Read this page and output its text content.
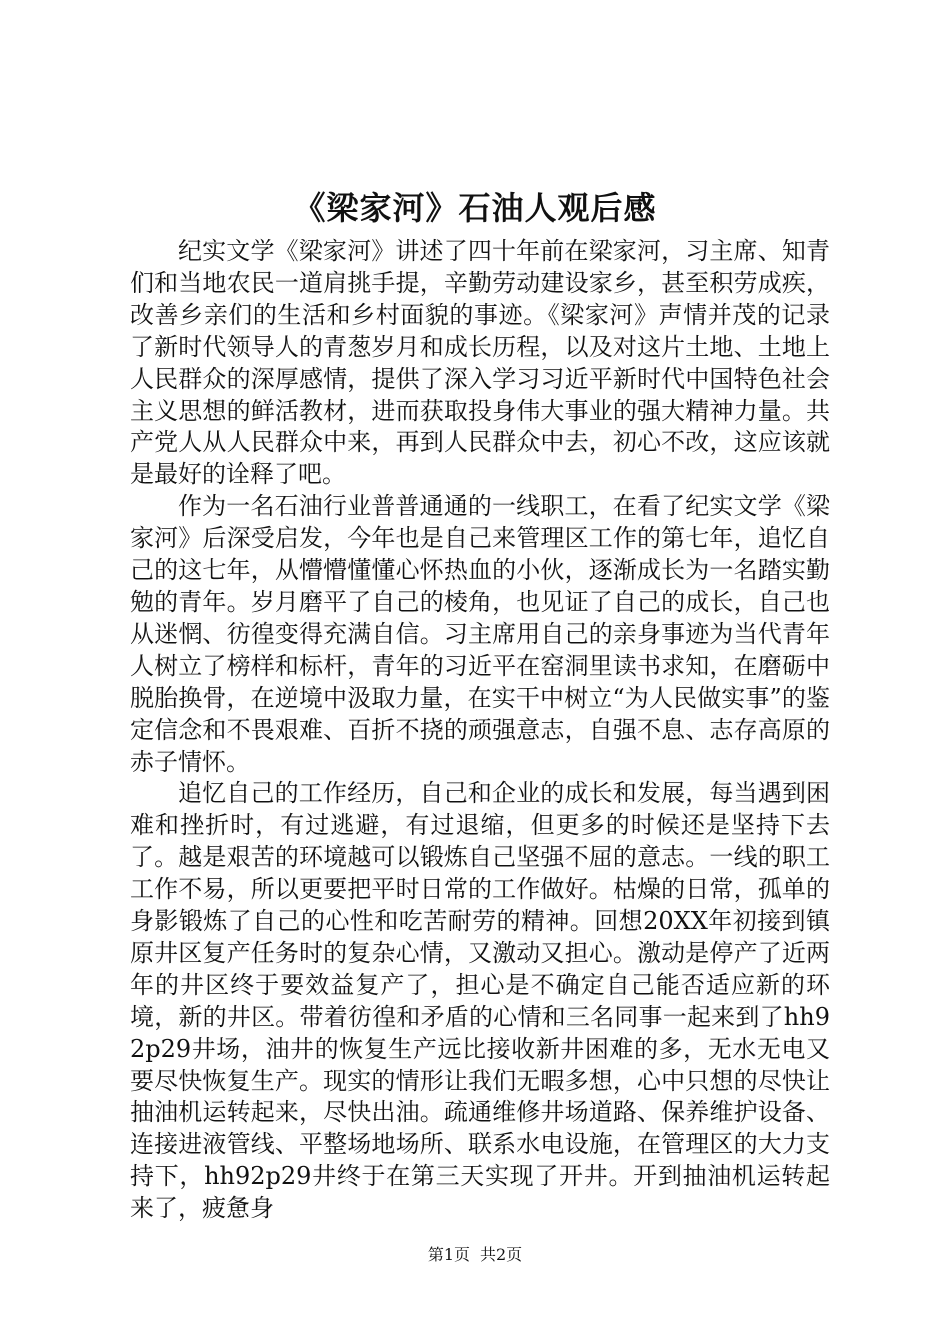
《梁家河》石油人观后感

纪实文学《梁家河》讲述了四十年前在梁家河，习主席、知青们和当地农民一道肩挑手提，辛勤劳动建设家乡，甚至积劳成疾，改善乡亲们的生活和乡村面貌的事迹。《梁家河》声情并茂的记录了新时代领导人的青葱岁月和成长历程，以及对这片土地、土地上人民群众的深厚感情，提供了深入学习习近平新时代中国特色社会主义思想的鲜活教材，进而获取投身伟大事业的强大精神力量。共产党人从人民群众中来，再到人民群众中去，初心不改，这应该就是最好的诠释了吧。

作为一名石油行业普普通通的一线职工，在看了纪实文学《梁家河》后深受启发，今年也是自己来管理区工作的第七年，追忆自己的这七年，从懵懵懂懂心怀热血的小伙，逐渐成长为一名踏实勤勉的青年。岁月磨平了自己的棱角，也见证了自己的成长，自己也从迷惘、彷徨变得充满自信。习主席用自己的亲身事迹为当代青年人树立了榜样和标杆，青年的习近平在窑洞里读书求知，在磨砺中脱胎换骨，在逆境中汲取力量，在实干中树立“为人民做实事”的鉴定信念和不畏艰难、百折不挠的顽强意志，自强不息、志存高原的赤子情怀。

追忆自己的工作经历，自己和企业的成长和发展，每当遇到困难和挫折时，有过逃避，有过退缩，但更多的时候还是坚持下去了。越是艰苦的环境越可以锻炼自己坚强不屈的意志。一线的职工工作不易，所以更要把平时日常的工作做好。枯燥的日常，孤单的身影锻炼了自己的心性和吃苦耐劳的精神。回想20XX年初接到镇原井区复产任务时的复杂心情，又激动又担心。激动是停产了近两年的井区终于要效益复产了，担心是不确定自己能否适应新的环境，新的井区。带着彷徨和矛盾的心情和三名同事一起来到了hh92p29井场，油井的恢复生产远比接收新井困难的多，无水无电又要尽快恢复生产。现实的情形让我们无暇多想，心中只想的尽快让抽油机运转起来，尽快出油。疏通维修井场道路、保养维护设备、连接进液管线、平整场地场所、联系水电设施，在管理区的大力支持下，hh92p29井终于在第三天实现了开井。开到抽油机运转起来了，疲惫身

第1页 共2页
